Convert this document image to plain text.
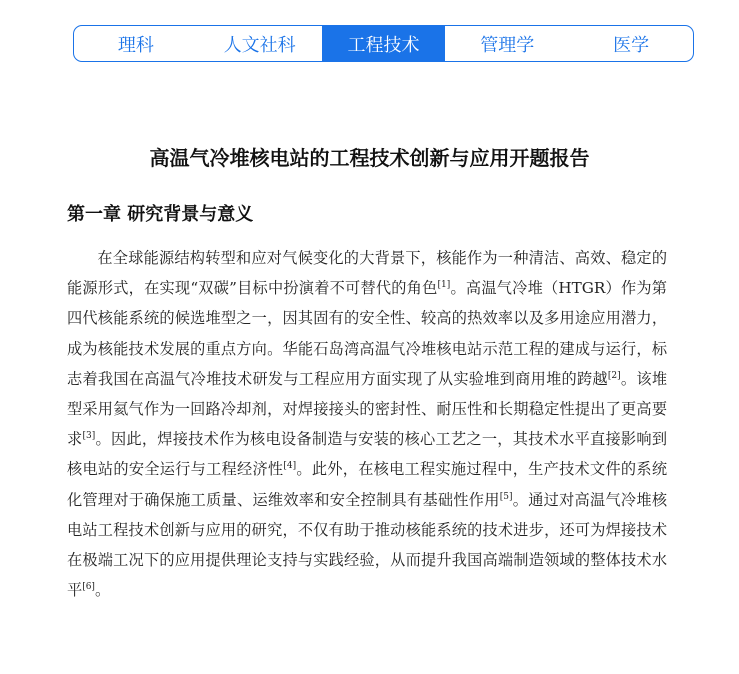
理科	人文社科	工程技术	管理学	医学
高温气冷堆核电站的工程技术创新与应用开题报告
第一章 研究背景与意义

在全球能源结构转型和应对气候变化的大背景下，核能作为一种清洁、高效、稳定的能源形式，在实现“双碳”目标中扮演着不可替代的角色[1]。高温气冷堆（HTGR）作为第四代核能系统的候选堆型之一，因其固有的安全性、较高的热效率以及多用途应用潜力，成为核能技术发展的重点方向。华能石岛湾高温气冷堆核电站示范工程的建成与运行，标志着我国在高温气冷堆技术研发与工程应用方面实现了从实验堆到商用堆的跨越[2]。该堆型采用氦气作为一回路冷却剂，对焊接接头的密封性、耐压性和长期稳定性提出了更高要求[3]。因此，焊接技术作为核电设备制造与安装的核心工艺之一，其技术水平直接影响到核电站的安全运行与工程经济性[4]。此外，在核电工程实施过程中，生产技术文件的系统化管理对于确保施工质量、运维效率和安全控制具有基础性作用[5]。通过对高温气冷堆核电站工程技术创新与应用的研究，不仅有助于推动核能系统的技术进步，还可为焊接技术在极端工况下的应用提供理论支持与实践经验，从而提升我国高端制造领域的整体技术水平[6]。
